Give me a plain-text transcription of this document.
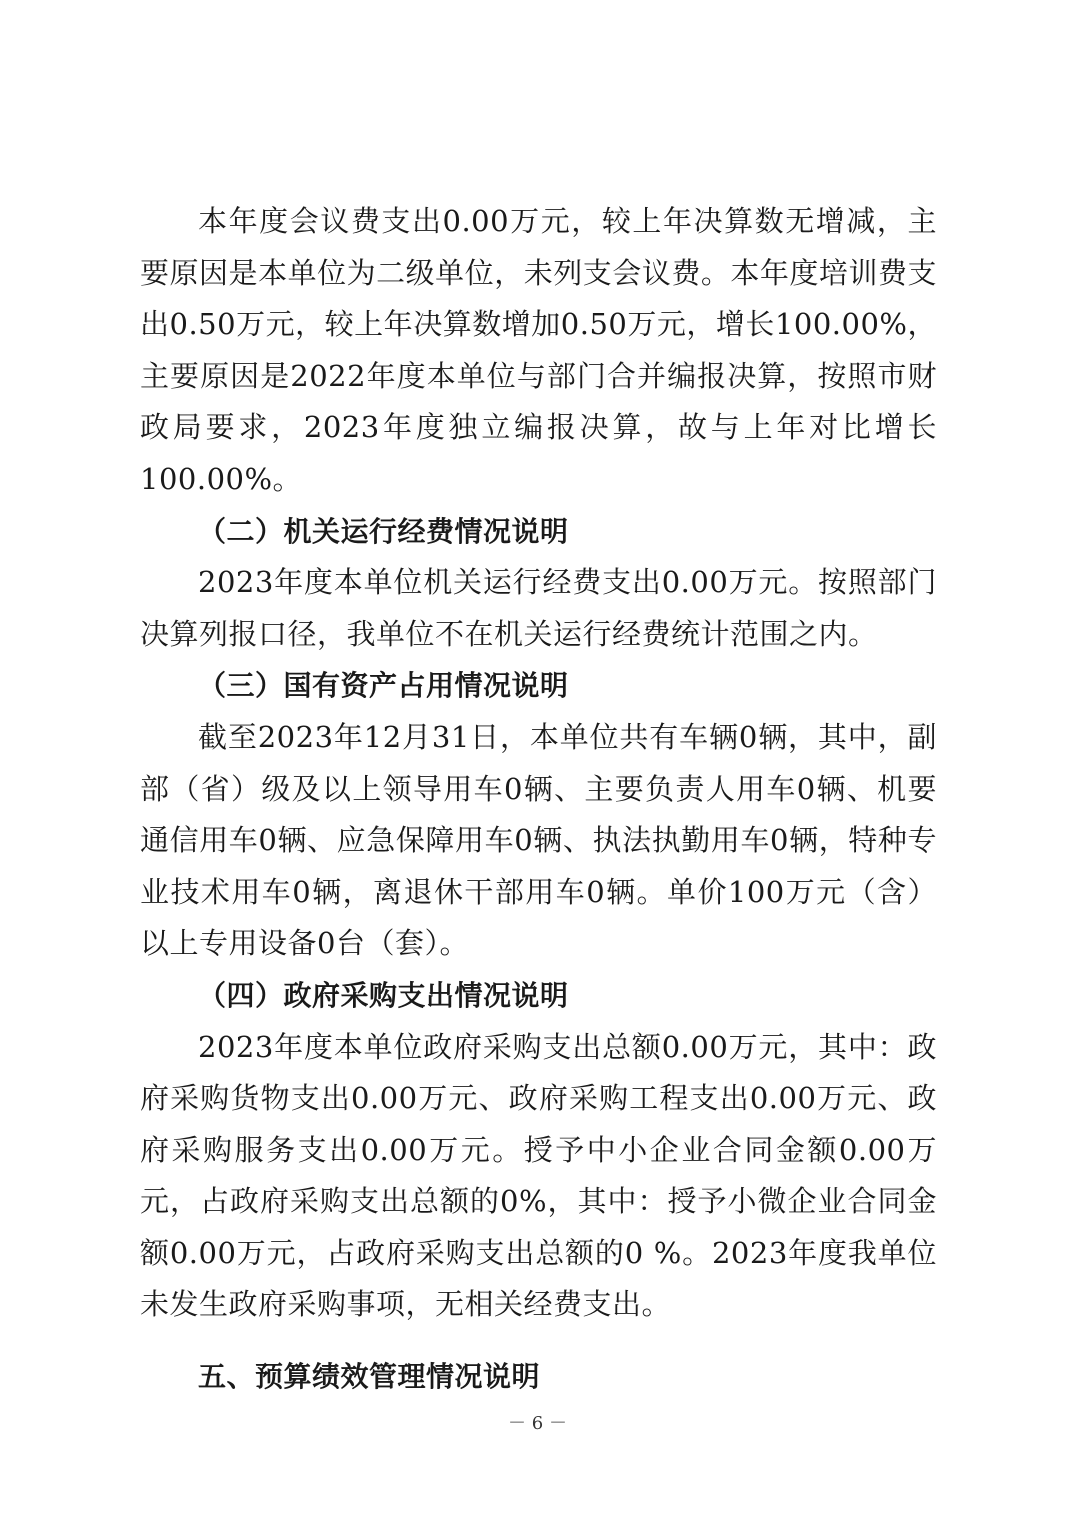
本年度会议费支出0.00万元，较上年决算数无增减，主要原因是本单位为二级单位，未列支会议费。本年度培训费支出0.50万元，较上年决算数增加0.50万元，增长100.00%，主要原因是2022年度本单位与部门合并编报决算，按照市财政局要求，2023年度独立编报决算，故与上年对比增长100.00%。

（二）机关运行经费情况说明

2023年度本单位机关运行经费支出0.00万元。按照部门决算列报口径，我单位不在机关运行经费统计范围之内。

（三）国有资产占用情况说明

截至2023年12月31日，本单位共有车辆0辆，其中，副部（省）级及以上领导用车0辆、主要负责人用车0辆、机要通信用车0辆、应急保障用车0辆、执法执勤用车0辆，特种专业技术用车0辆，离退休干部用车0辆。单价100万元（含）以上专用设备0台（套）。

（四）政府采购支出情况说明

2023年度本单位政府采购支出总额0.00万元，其中：政府采购货物支出0.00万元、政府采购工程支出0.00万元、政府采购服务支出0.00万元。授予中小企业合同金额0.00万元，占政府采购支出总额的0%，其中：授予小微企业合同金额0.00万元，占政府采购支出总额的0 %。2023年度我单位未发生政府采购事项，无相关经费支出。

五、预算绩效管理情况说明

－ 6 －
